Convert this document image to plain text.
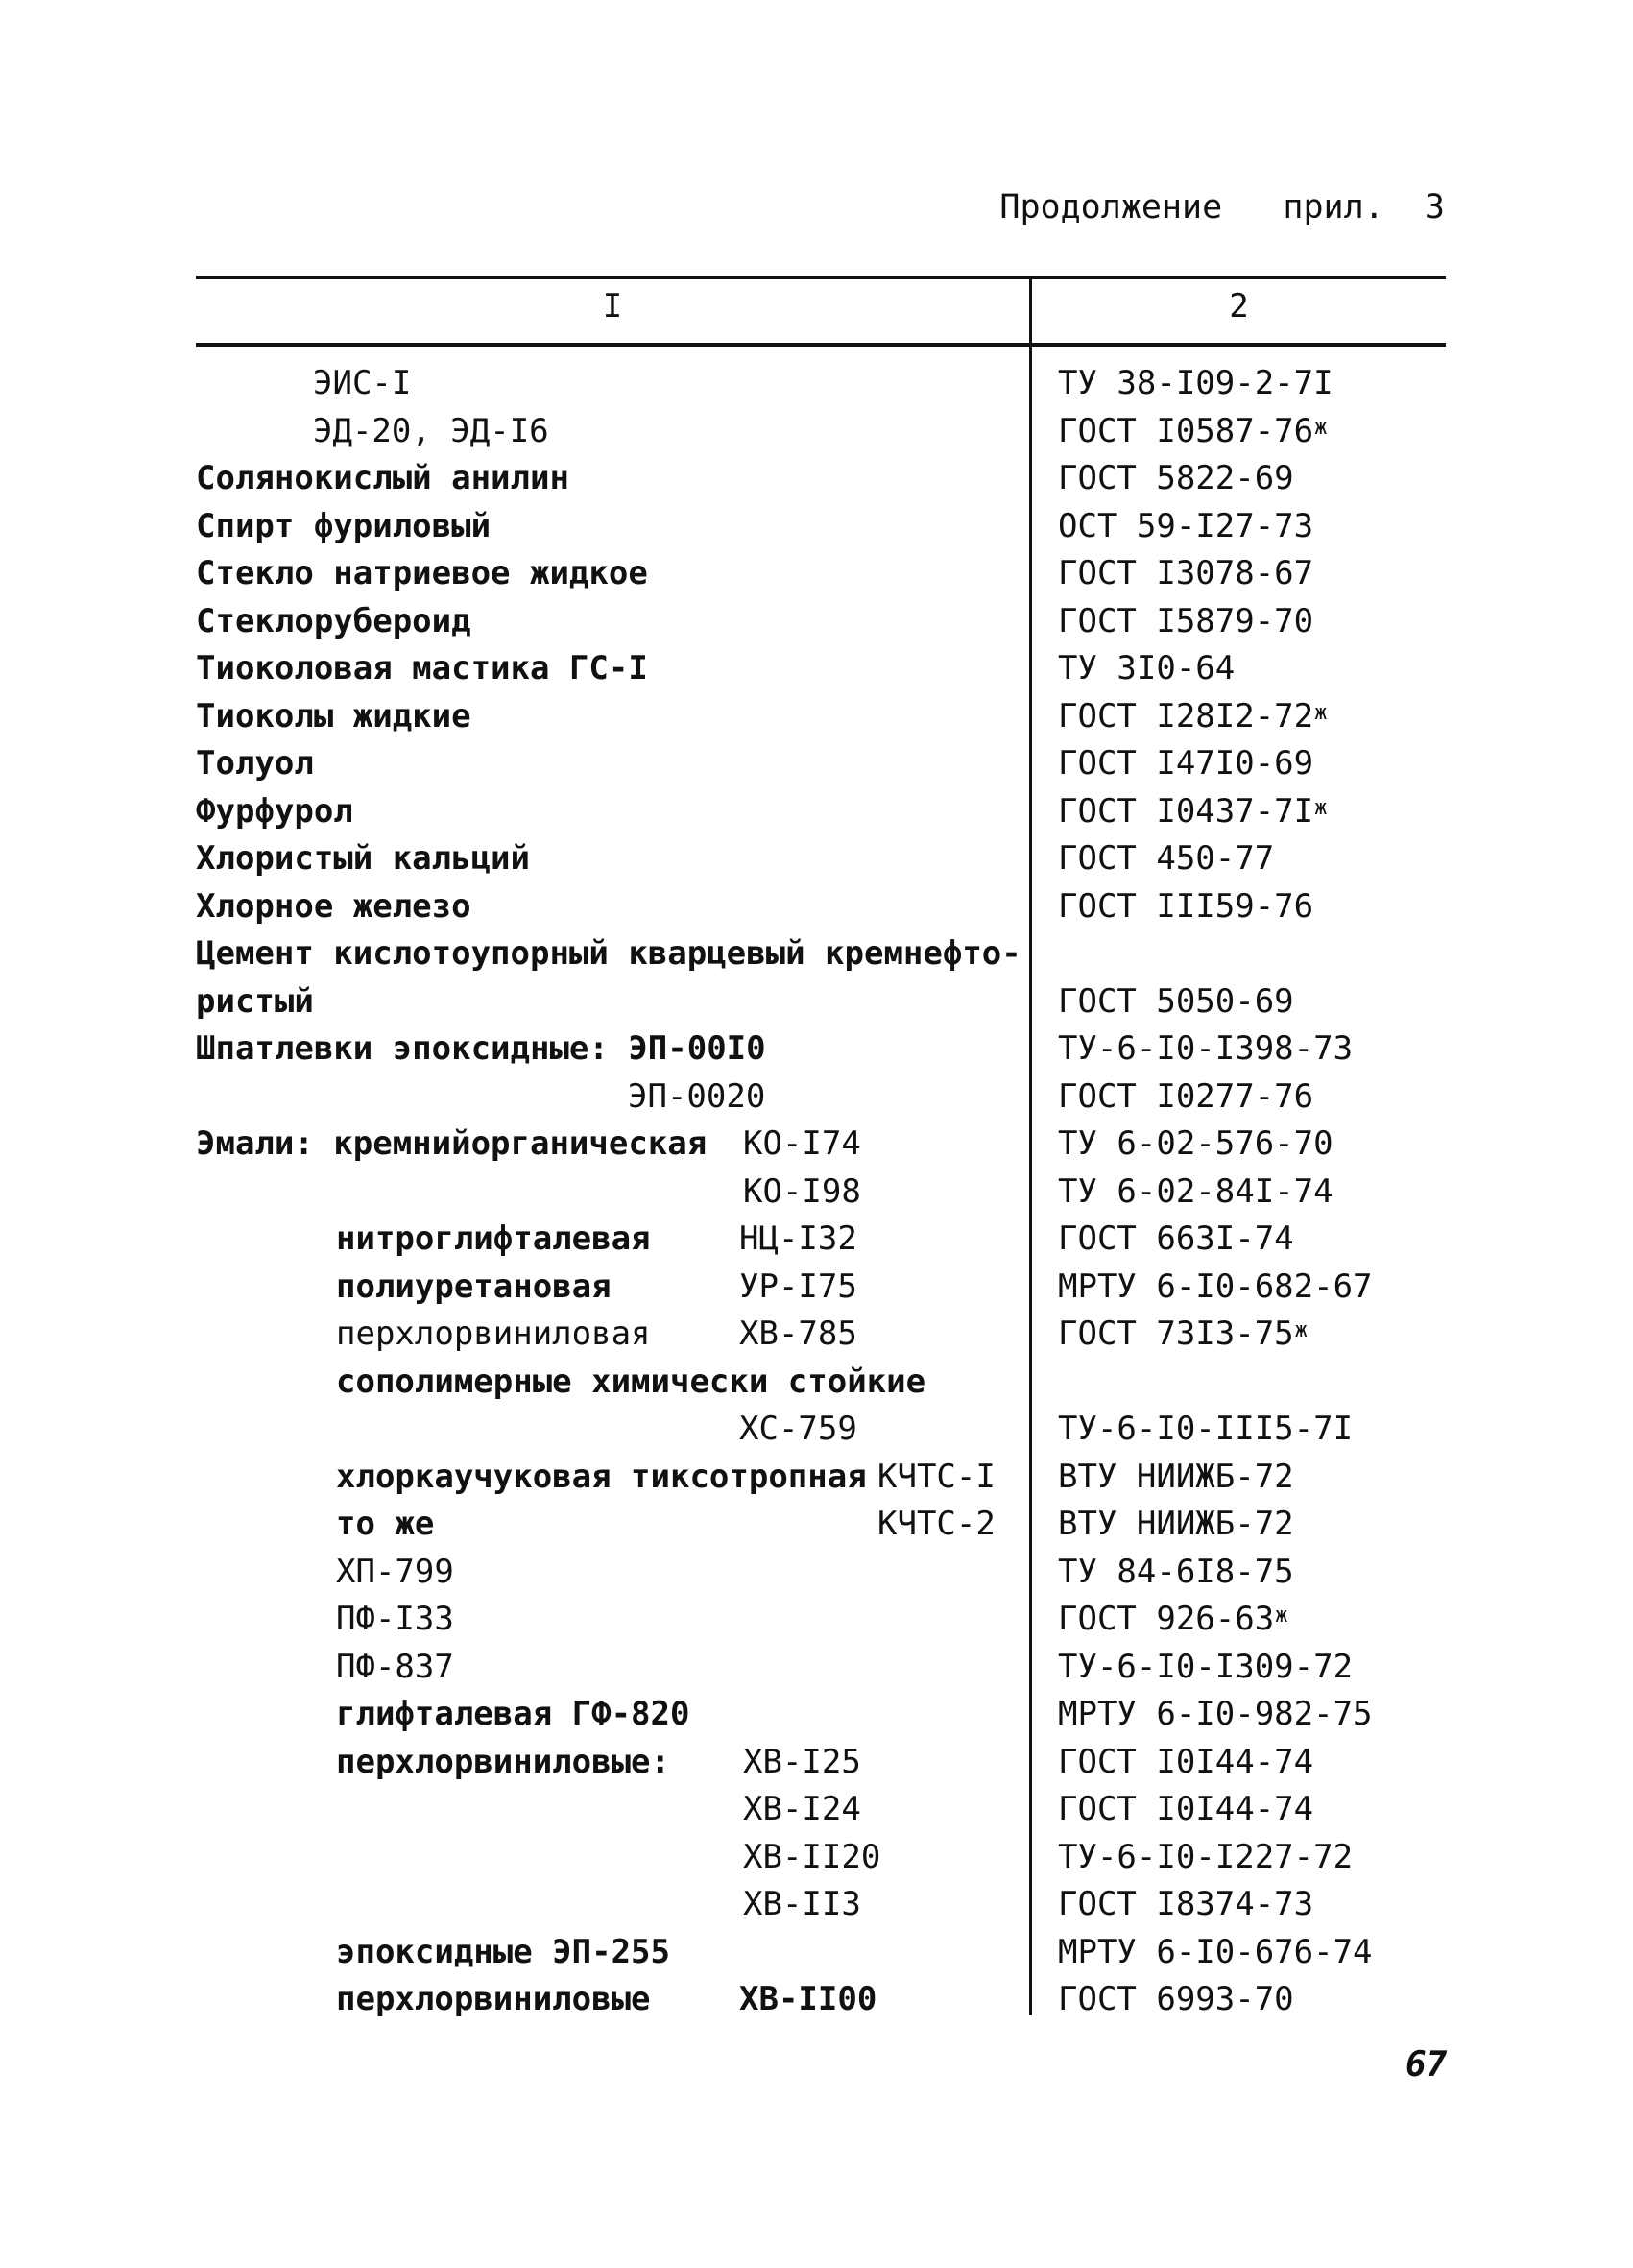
Продолжение прил. 3
I	2
ЭИС-I	ТУ 38-I09-2-7I
ЭД-20, ЭД-I6	ГОСТ $I0587-76^ж$
Солянокислый анилин	ГОСТ 5822-69
Спирт фуриловый	ОСТ 59-I27-73
Стекло натриевое жидкое	ГОСТ I3078-67
Стеклорубероид	ГОСТ I5879-70
Тиоколовая мастика ГС-I	ТУ 3I0-64
Тиоколы жидкие	ГОСТ $I28I2-72^ж$
Толуол	ГОСТ I47I0-69
Фурфурол	ГОСТ $I0437-7I^ж$
Хлористый кальций	ГОСТ 450-77
Хлорное железо	ГОСТ III59-76
Цемент кислотоупорный кварцевый кремнефто-
ристый	ГОСТ 5050-69
Шпатлевки эпоксидные: ЭП-00I0	ТУ-6-I0-I398-73
ЭП-0020	ГОСТ I0277-76
Эмали: кремнийорганическая КО-I74	ТУ 6-02-576-70
КО-I98	ТУ 6-02-84I-74
нитроглифталевая	НЦ-I32	ГОСТ 663I-74
полиуретановая	УР-I75	МРТУ 6-I0-682-67
перхлорвиниловая	ХВ-785	ГОСТ $73I3-75^ж$
сополимерные химически стойкие
ХС-759	ТУ-6-I0-III5-7I
хлоркаучуковая тиксотропная КЧТС-I ВТУ НИИЖБ-72
то же	КЧТС-2 ВТУ НИИЖБ-72
ХП-799	ТУ 84-6I8-75
ПФ-I33	ГОСТ $926-63^ж$
ПФ-837	ТУ-6-I0-I309-72
глифталевая ГФ-820	МРТУ 6-I0-982-75
перхлорвиниловые: ХВ-I25	ГОСТ I0I44-74
ХВ-I24	ГОСТ I0I44-74
ХВ-II20	ТУ-6-I0-I227-72
ХВ-II3	ГОСТ I8374-73
эпоксидные ЭП-255	МРТУ 6-I0-676-74
перхлорвиниловые	ХВ-II00	ГОСТ 6993-70
67
